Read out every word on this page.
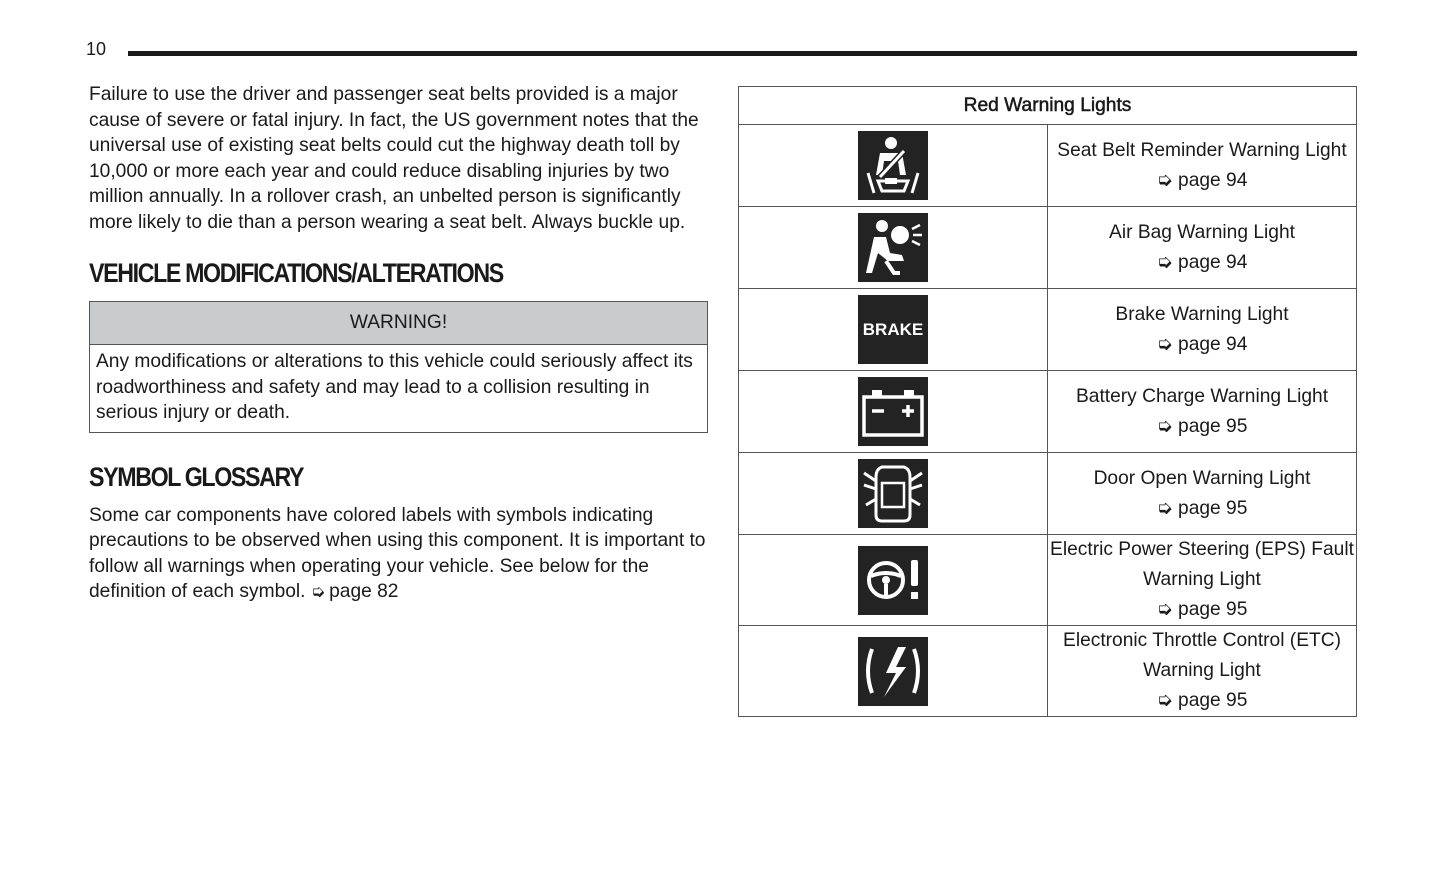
10

Failure to use the driver and passenger seat belts provided is a major cause of severe or fatal injury. In fact, the US government notes that the universal use of existing seat belts could cut the highway death toll by 10,000 or more each year and could reduce disabling injuries by two million annually. In a rollover crash, an unbelted person is significantly more likely to die than a person wearing a seat belt. Always buckle up.

VEHICLE MODIFICATIONS/ALTERATIONS
WARNING!
Any modifications or alterations to this vehicle could seriously affect its roadworthiness and safety and may lead to a collision resulting in serious injury or death.
SYMBOL GLOSSARY

Some car components have colored labels with symbols indicating precautions to be observed when using this component. It is important to follow all warnings when operating your vehicle. See below for the definition of each symbol. ➭ page 82

Red Warning Lights	

Seat Belt Reminder Warning Light
➭ page 94

Air Bag Warning Light
➭ page 94

BRAKE	Brake Warning Light
➭ page 94

Battery Charge Warning Light
➭ page 95

Door Open Warning Light
➭ page 95

Electric Power Steering (EPS) Fault Warning Light
➭ page 95

Electronic Throttle Control (ETC) Warning Light
➭ page 95
